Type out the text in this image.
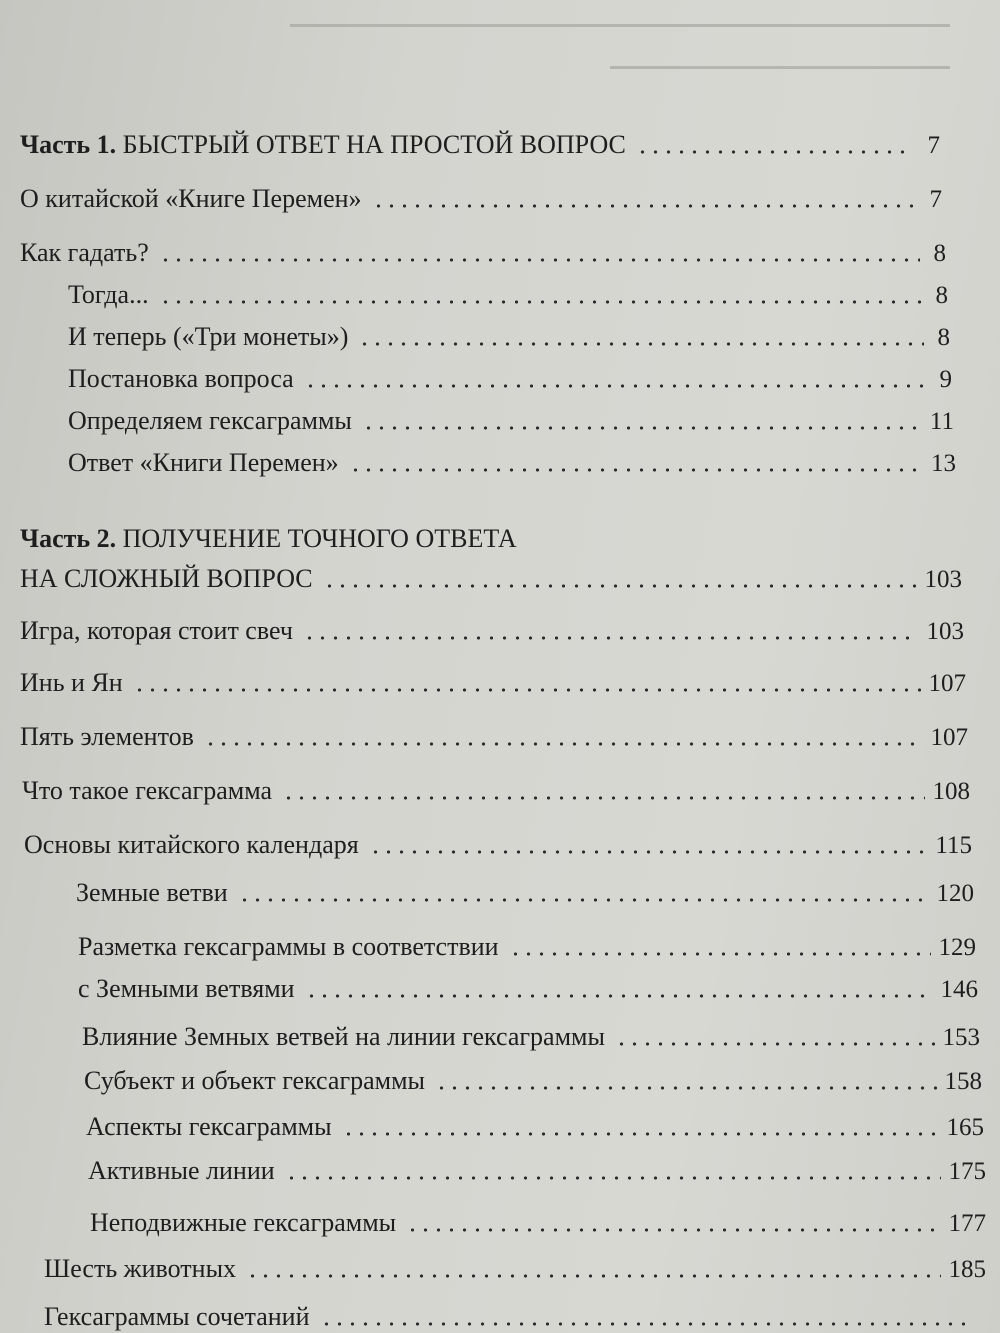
Часть 1. БЫСТРЫЙ ОТВЕТ НА ПРОСТОЙ ВОПРОС	7
О китайской «Книге Перемен»	7
Как гадать?	8
Тогда...	8
И теперь («Три монеты»)	8
Постановка вопроса	9
Определяем гексаграммы	11
Ответ «Книги Перемен»	13
Часть 2. ПОЛУЧЕНИЕ ТОЧНОГО ОТВЕТА
НА СЛОЖНЫЙ ВОПРОС	103
Игра, которая стоит свеч	103
Инь и Ян	107
Пять элементов	107
Что такое гексаграмма	108
Основы китайского календаря	115
Земные ветви	120
Разметка гексаграммы в соответствии	129
с Земными ветвями	146
Влияние Земных ветвей на линии гексаграммы	153
Субъект и объект гексаграммы	158
Аспекты гексаграммы	165
Активные линии	175
Неподвижные гексаграммы	177
Шесть животных	185
Гексаграммы сочетаний
